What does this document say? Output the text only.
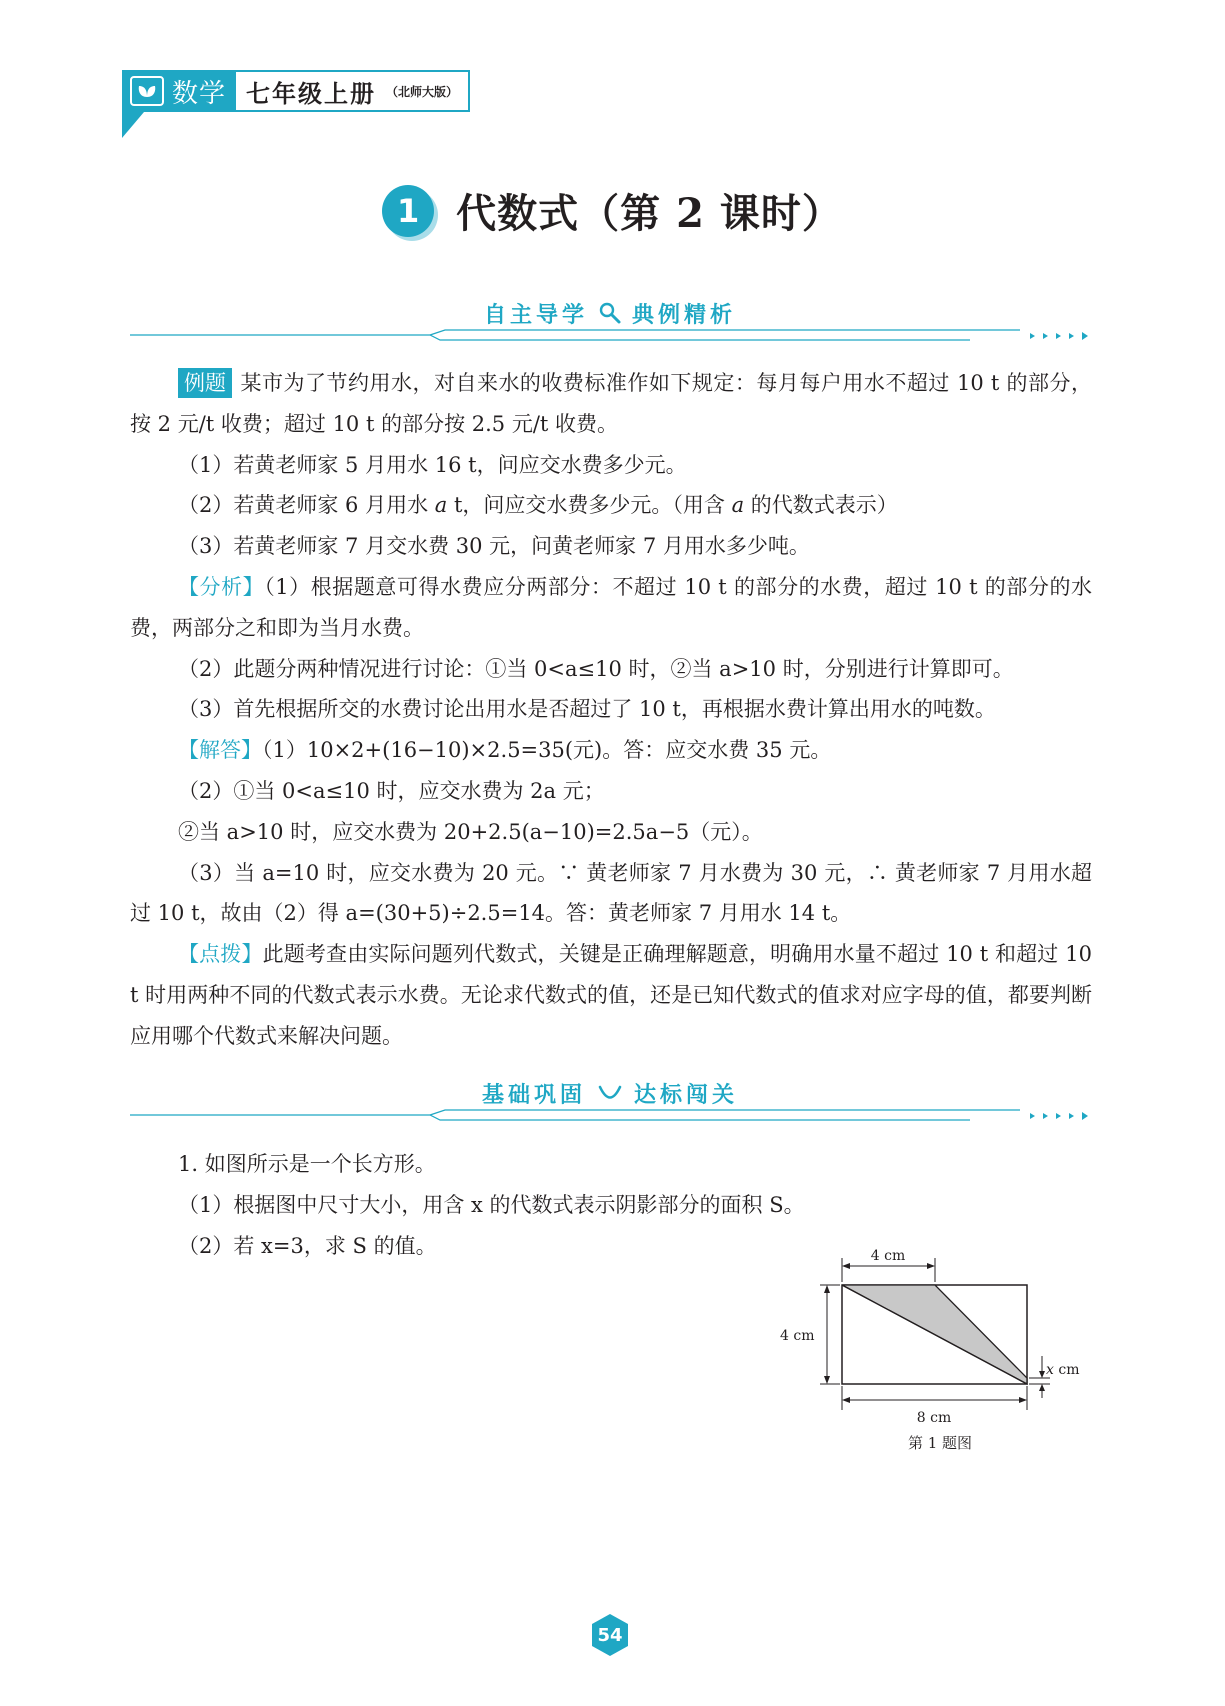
数学 七年级上册 （北师大版）
1 代数式（第 2 课时）
自主导学 典例精析

例题 某市为了节约用水，对自来水的收费标准作如下规定：每月每户用水不超过 10 t 的部分，按 2 元/t 收费；超过 10 t 的部分按 2.5 元/t 收费。

（1）若黄老师家 5 月用水 16 t，问应交水费多少元。

（2）若黄老师家 6 月用水 a t，问应交水费多少元。（用含 a 的代数式表示）

（3）若黄老师家 7 月交水费 30 元，问黄老师家 7 月用水多少吨。

【分析】（1）根据题意可得水费应分两部分：不超过 10 t 的部分的水费，超过 10 t 的部分的水费，两部分之和即为当月水费。

（2）此题分两种情况进行讨论：①当 0<a≤10 时，②当 a>10 时，分别进行计算即可。

（3）首先根据所交的水费讨论出用水是否超过了 10 t，再根据水费计算出用水的吨数。

【解答】（1）10×2+(16−10)×2.5=35(元)。答：应交水费 35 元。

（2）①当 0<a≤10 时，应交水费为 2a 元；

②当 a>10 时，应交水费为 20+2.5(a−10)=2.5a−5（元）。

（3）当 a=10 时，应交水费为 20 元。∵ 黄老师家 7 月水费为 30 元，∴ 黄老师家 7 月用水超过 10 t，故由（2）得 a=(30+5)÷2.5=14。答：黄老师家 7 月用水 14 t。

【点拨】此题考查由实际问题列代数式，关键是正确理解题意，明确用水量不超过 10 t 和超过 10 t 时用两种不同的代数式表示水费。无论求代数式的值，还是已知代数式的值求对应字母的值，都要判断应用哪个代数式来解决问题。

基础巩固 达标闯关

1. 如图所示是一个长方形。

（1）根据图中尺寸大小，用含 x 的代数式表示阴影部分的面积 S。

（2）若 x=3，求 S 的值。	4 cm
4 cm
x cm
8 cm
第 1 题图
54
